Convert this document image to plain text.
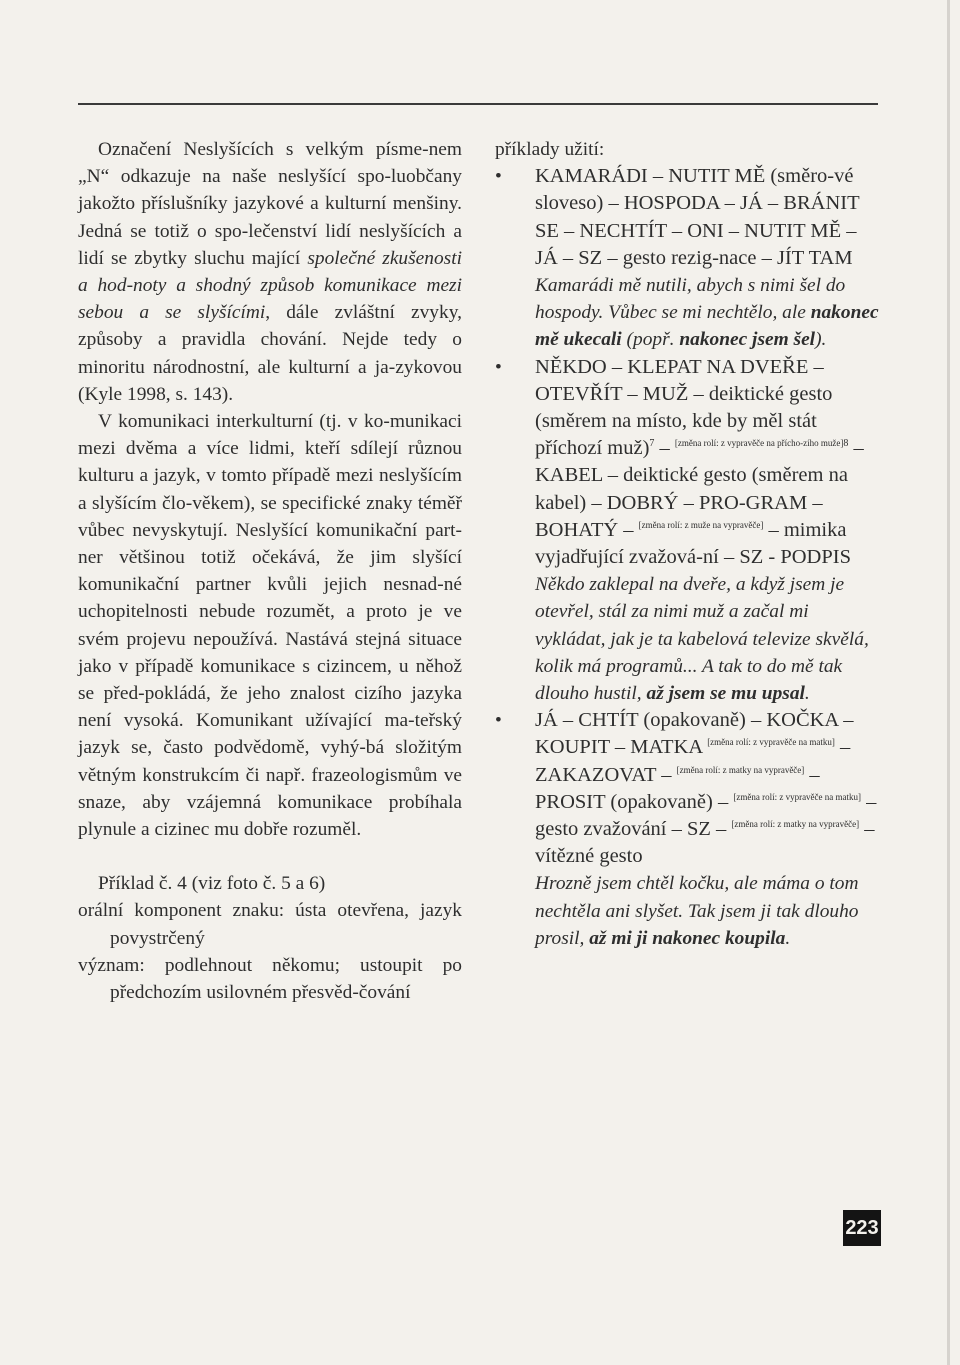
Označení Neslyšících s velkým písme-nem „N“ odkazuje na naše neslyšící spo-luobčany jakožto příslušníky jazykové a kulturní menšiny. Jedná se totiž o spo-lečenství lidí neslyšících a lidí se zbytky sluchu mající společné zkušenosti a hod-noty a shodný způsob komunikace mezi sebou a se slyšícími, dále zvláštní zvyky, způsoby a pravidla chování. Nejde tedy o minoritu národnostní, ale kulturní a ja-zykovou (Kyle 1998, s. 143).

V komunikaci interkulturní (tj. v ko-munikaci mezi dvěma a více lidmi, kteří sdílejí různou kulturu a jazyk, v tomto případě mezi neslyšícím a slyšícím člo-věkem), se specifické znaky téměř vůbec nevyskytují. Neslyšící komunikační part-ner většinou totiž očekává, že jim slyšící komunikační partner kvůli jejich nesnad-né uchopitelnosti nebude rozumět, a proto je ve svém projevu nepoužívá. Nastává stejná situace jako v případě komunikace s cizincem, u něhož se před-pokládá, že jeho znalost cizího jazyka není vysoká. Komunikant užívající ma-teřský jazyk se, často podvědomě, vyhý-bá složitým větným konstrukcím či např. frazeologismům ve snaze, aby vzájemná komunikace probíhala plynule a cizinec mu dobře rozuměl.

Příklad č. 4 (viz foto č. 5 a 6)

orální komponent znaku: ústa otevřena, jazyk povystrčený

význam: podlehnout někomu; ustoupit po předchozím usilovném přesvěd-čování

příklady užití:

•	KAMARÁDI – NUTIT MĚ (směro-vé sloveso) – HOSPODA – JÁ – BRÁNIT SE – NECHTÍT – ONI – NUTIT MĚ – JÁ – SZ – gesto rezig-nace – JÍT TAM
Kamarádi mě nutili, abych s nimi šel do hospody. Vůbec se mi nechtělo, ale nakonec mě ukecali (popř. nakonec jsem šel).
•	NĚKDO – KLEPAT NA DVEŘE – OTEVŘÍT – MUŽ – deiktické gesto (směrem na místo, kde by měl stát příchozí muž)$^7$ – $^{[změna rolí: z vypravěče na přícho-zího muže]8}$ – KABEL – deiktické gesto (směrem na kabel) – DOBRÝ – PRO-GRAM – BOHATÝ – [změna rolí: z muže na vypravěče] – mimika vyjadřující zvažová-ní – SZ - PODPIS
Někdo zaklepal na dveře, a když jsem je otevřel, stál za nimi muž a začal mi vykládat, jak je ta kabelová televize skvělá, kolik má programů... A tak to do mě tak dlouho hustil, až jsem se mu upsal.
•	JÁ – CHTÍT (opakovaně) – KOČKA – KOUPIT – MATKA [změna rolí: z vypravěče na matku] – ZAKAZOVAT – [změna rolí: z matky na vypravěče] – PROSIT (opakovaně) – [změna rolí: z vypravěče na matku] – gesto zvažování – SZ – [změna rolí: z matky na vypravěče] – vítězné gesto
Hrozně jsem chtěl kočku, ale máma o tom nechtěla ani slyšet. Tak jsem ji tak dlouho prosil, až mi ji nakonec koupila.
223
